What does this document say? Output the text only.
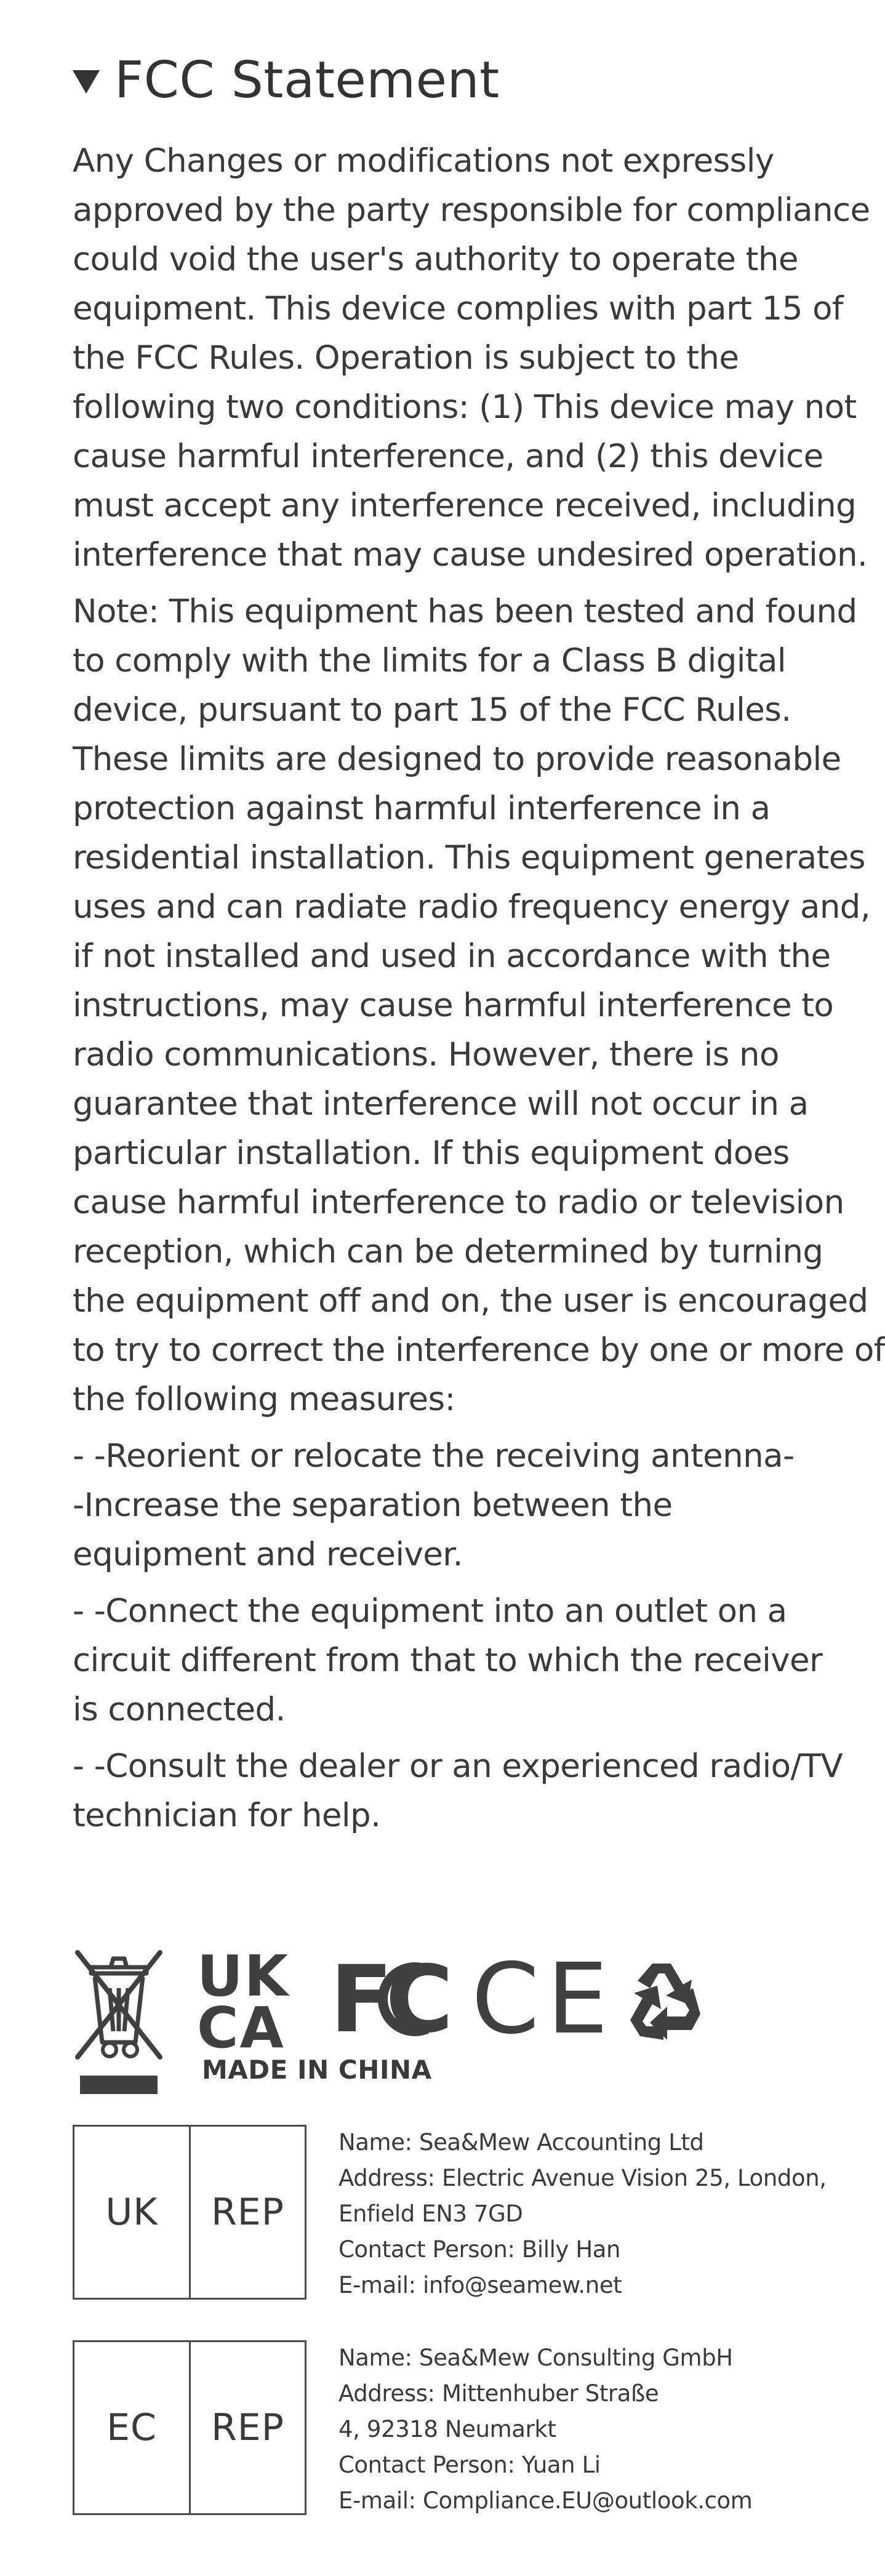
FCC Statement
Any Changes or modifications not expressly
approved by the party responsible for compliance
could void the user's authority to operate the
equipment. This device complies with part 15 of
the FCC Rules. Operation is subject to the
following two conditions: (1) This device may not
cause harmful interference, and (2) this device
must accept any interference received, including
interference that may cause undesired operation.
Note: This equipment has been tested and found
to comply with the limits for a Class B digital
device, pursuant to part 15 of the FCC Rules.
These limits are designed to provide reasonable
protection against harmful interference in a
residential installation. This equipment generates
uses and can radiate radio frequency energy and,
if not installed and used in accordance with the
instructions, may cause harmful interference to
radio communications. However, there is no
guarantee that interference will not occur in a
particular installation. If this equipment does
cause harmful interference to radio or television
reception, which can be determined by turning
the equipment off and on, the user is encouraged
to try to correct the interference by one or more of
the following measures:
- -Reorient or relocate the receiving antenna-
-Increase the separation between the
equipment and receiver.
- -Connect the equipment into an outlet on a
circuit different from that to which the receiver
is connected.
- -Consult the dealer or an experienced radio/TV
technician for help.
UK
CA FC CE
MADE IN CHINA
UK	REP
Name: Sea&Mew Accounting Ltd
Address: Electric Avenue Vision 25, London,
Enfield EN3 7GD
Contact Person: Billy Han
E-mail: info@seamew.net
EC	REP
Name: Sea&Mew Consulting GmbH
Address: Mittenhuber Straße
4, 92318 Neumarkt
Contact Person: Yuan Li
E-mail: Compliance.EU@outlook.com
